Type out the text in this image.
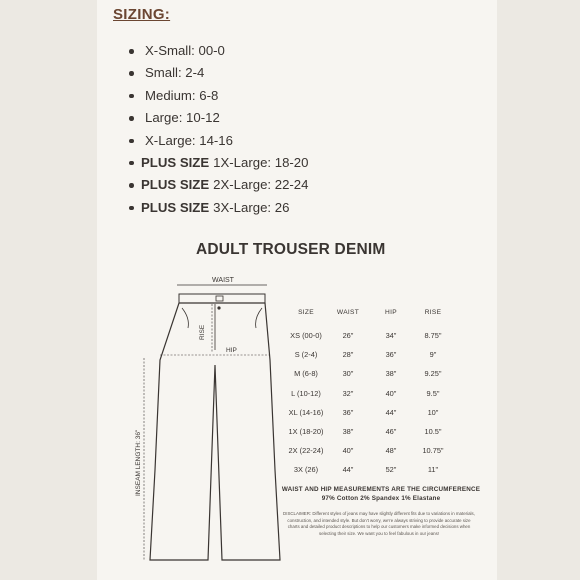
SIZING:
X-Small: 00-0
Small: 2-4
Medium: 6-8
Large: 10-12
X-Large: 14-16
PLUS SIZE 1X-Large: 18-20
PLUS SIZE 2X-Large: 22-24
PLUS SIZE 3X-Large: 26
ADULT TROUSER DENIM
WAIST
RISE
HIP
INSEAM LENGTH: 36"
SIZE	WAIST	HIP	RISE
XS (00-0)	26"	34"	8.75"
S (2-4)	28"	36"	9"
M (6-8)	30"	38"	9.25"
L (10-12)	32"	40"	9.5"
XL (14-16)	36"	44"	10"
1X (18-20)	38"	46"	10.5"
2X (22-24)	40"	48"	10.75"
3X (26)	44"	52"	11"
WAIST AND HIP MEASUREMENTS ARE THE CIRCUMFERENCE
97% Cotton 2% Spandex 1% Elastane
DISCLAIMER: Different styles of jeans may have slightly different fits due to variations in materials, construction, and intended style. But don't worry, we're always striving to provide accurate size charts and detailed product descriptions to help our customers make informed decisions when selecting their size. We want you to feel fabulous in our jeans!
